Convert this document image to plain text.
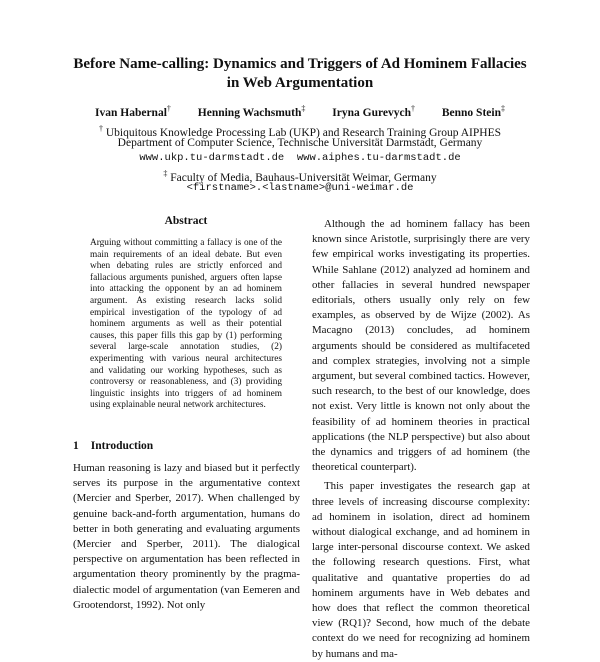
Before Name-calling: Dynamics and Triggers of Ad Hominem Fallacies
in Web Argumentation
Ivan Habernal† Henning Wachsmuth‡ Iryna Gurevych† Benno Stein‡
† Ubiquitous Knowledge Processing Lab (UKP) and Research Training Group AIPHES
Department of Computer Science, Technische Universität Darmstadt, Germany
www.ukp.tu-darmstadt.de  www.aiphes.tu-darmstadt.de
‡ Faculty of Media, Bauhaus-Universität Weimar, Germany
<firstname>.<lastname>@uni-weimar.de
Abstract

Arguing without committing a fallacy is one of the main requirements of an ideal debate. But even when debating rules are strictly enforced and fallacious arguments punished, arguers often lapse into attacking the opponent by an ad hominem argument. As existing research lacks solid empirical investigation of the typology of ad hominem arguments as well as their potential causes, this paper fills this gap by (1) performing several large-scale annotation studies, (2) experimenting with various neural architectures and validating our working hypotheses, such as controversy or reasonableness, and (3) providing linguistic insights into triggers of ad hominem using explainable neural network architectures.

1 Introduction

Human reasoning is lazy and biased but it perfectly serves its purpose in the argumentative context (Mercier and Sperber, 2017). When challenged by genuine back-and-forth argumentation, humans do better in both generating and evaluating arguments (Mercier and Sperber, 2011). The dialogical perspective on argumentation has been reflected in argumentation theory prominently by the pragma-dialectic model of argumentation (van Eemeren and Grootendorst, 1992). Not only

Although the ad hominem fallacy has been known since Aristotle, surprisingly there are very few empirical works investigating its properties. While Sahlane (2012) analyzed ad hominem and other fallacies in several hundred newspaper editorials, others usually only rely on few examples, as observed by de Wijze (2002). As Macagno (2013) concludes, ad hominem arguments should be considered as multifaceted and complex strategies, involving not a simple argument, but several combined tactics. However, such research, to the best of our knowledge, does not exist. Very little is known not only about the feasibility of ad hominem theories in practical applications (the NLP perspective) but also about the dynamics and triggers of ad hominem (the theoretical counterpart).

This paper investigates the research gap at three levels of increasing discourse complexity: ad hominem in isolation, direct ad hominem without dialogical exchange, and ad hominem in large inter-personal discourse context. We asked the following research questions. First, what qualitative and quantative properties do ad hominem arguments have in Web debates and how does that reflect the common theoretical view (RQ1)? Second, how much of the debate context do we need for recognizing ad hominem by humans and ma-
